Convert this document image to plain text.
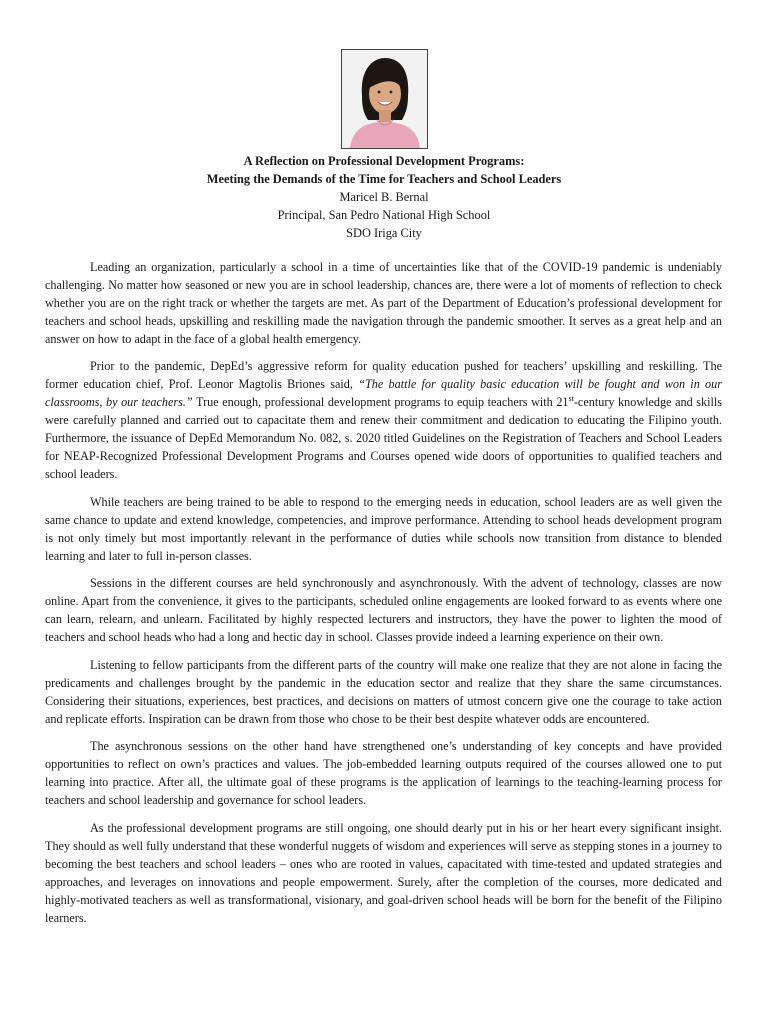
A Reflection on Professional Development Programs:
Meeting the Demands of the Time for Teachers and School Leaders
Maricel B. Bernal
Principal, San Pedro National High School
SDO Iriga City

Leading an organization, particularly a school in a time of uncertainties like that of the COVID-19 pandemic is undeniably challenging. No matter how seasoned or new you are in school leadership, chances are, there were a lot of moments of reflection to check whether you are on the right track or whether the targets are met. As part of the Department of Education’s professional development for teachers and school heads, upskilling and reskilling made the navigation through the pandemic smoother. It serves as a great help and an answer on how to adapt in the face of a global health emergency.

Prior to the pandemic, DepEd’s aggressive reform for quality education pushed for teachers’ upskilling and reskilling. The former education chief, Prof. Leonor Magtolis Briones said, “The battle for quality basic education will be fought and won in our classrooms, by our teachers.” True enough, professional development programs to equip teachers with 21st-century knowledge and skills were carefully planned and carried out to capacitate them and renew their commitment and dedication to educating the Filipino youth. Furthermore, the issuance of DepEd Memorandum No. 082, s. 2020 titled Guidelines on the Registration of Teachers and School Leaders for NEAP-Recognized Professional Development Programs and Courses opened wide doors of opportunities to qualified teachers and school leaders.

While teachers are being trained to be able to respond to the emerging needs in education, school leaders are as well given the same chance to update and extend knowledge, competencies, and improve performance. Attending to school heads development program is not only timely but most importantly relevant in the performance of duties while schools now transition from distance to blended learning and later to full in-person classes.

Sessions in the different courses are held synchronously and asynchronously. With the advent of technology, classes are now online. Apart from the convenience, it gives to the participants, scheduled online engagements are looked forward to as events where one can learn, relearn, and unlearn. Facilitated by highly respected lecturers and instructors, they have the power to lighten the mood of teachers and school heads who had a long and hectic day in school. Classes provide indeed a learning experience on their own.

Listening to fellow participants from the different parts of the country will make one realize that they are not alone in facing the predicaments and challenges brought by the pandemic in the education sector and realize that they share the same circumstances. Considering their situations, experiences, best practices, and decisions on matters of utmost concern give one the courage to take action and replicate efforts. Inspiration can be drawn from those who chose to be their best despite whatever odds are encountered.

The asynchronous sessions on the other hand have strengthened one’s understanding of key concepts and have provided opportunities to reflect on own’s practices and values. The job-embedded learning outputs required of the courses allowed one to put learning into practice. After all, the ultimate goal of these programs is the application of learnings to the teaching-learning process for teachers and school leadership and governance for school leaders.

As the professional development programs are still ongoing, one should dearly put in his or her heart every significant insight. They should as well fully understand that these wonderful nuggets of wisdom and experiences will serve as stepping stones in a journey to becoming the best teachers and school leaders – ones who are rooted in values, capacitated with time-tested and updated strategies and approaches, and leverages on innovations and people empowerment. Surely, after the completion of the courses, more dedicated and highly-motivated teachers as well as transformational, visionary, and goal-driven school heads will be born for the benefit of the Filipino learners.
